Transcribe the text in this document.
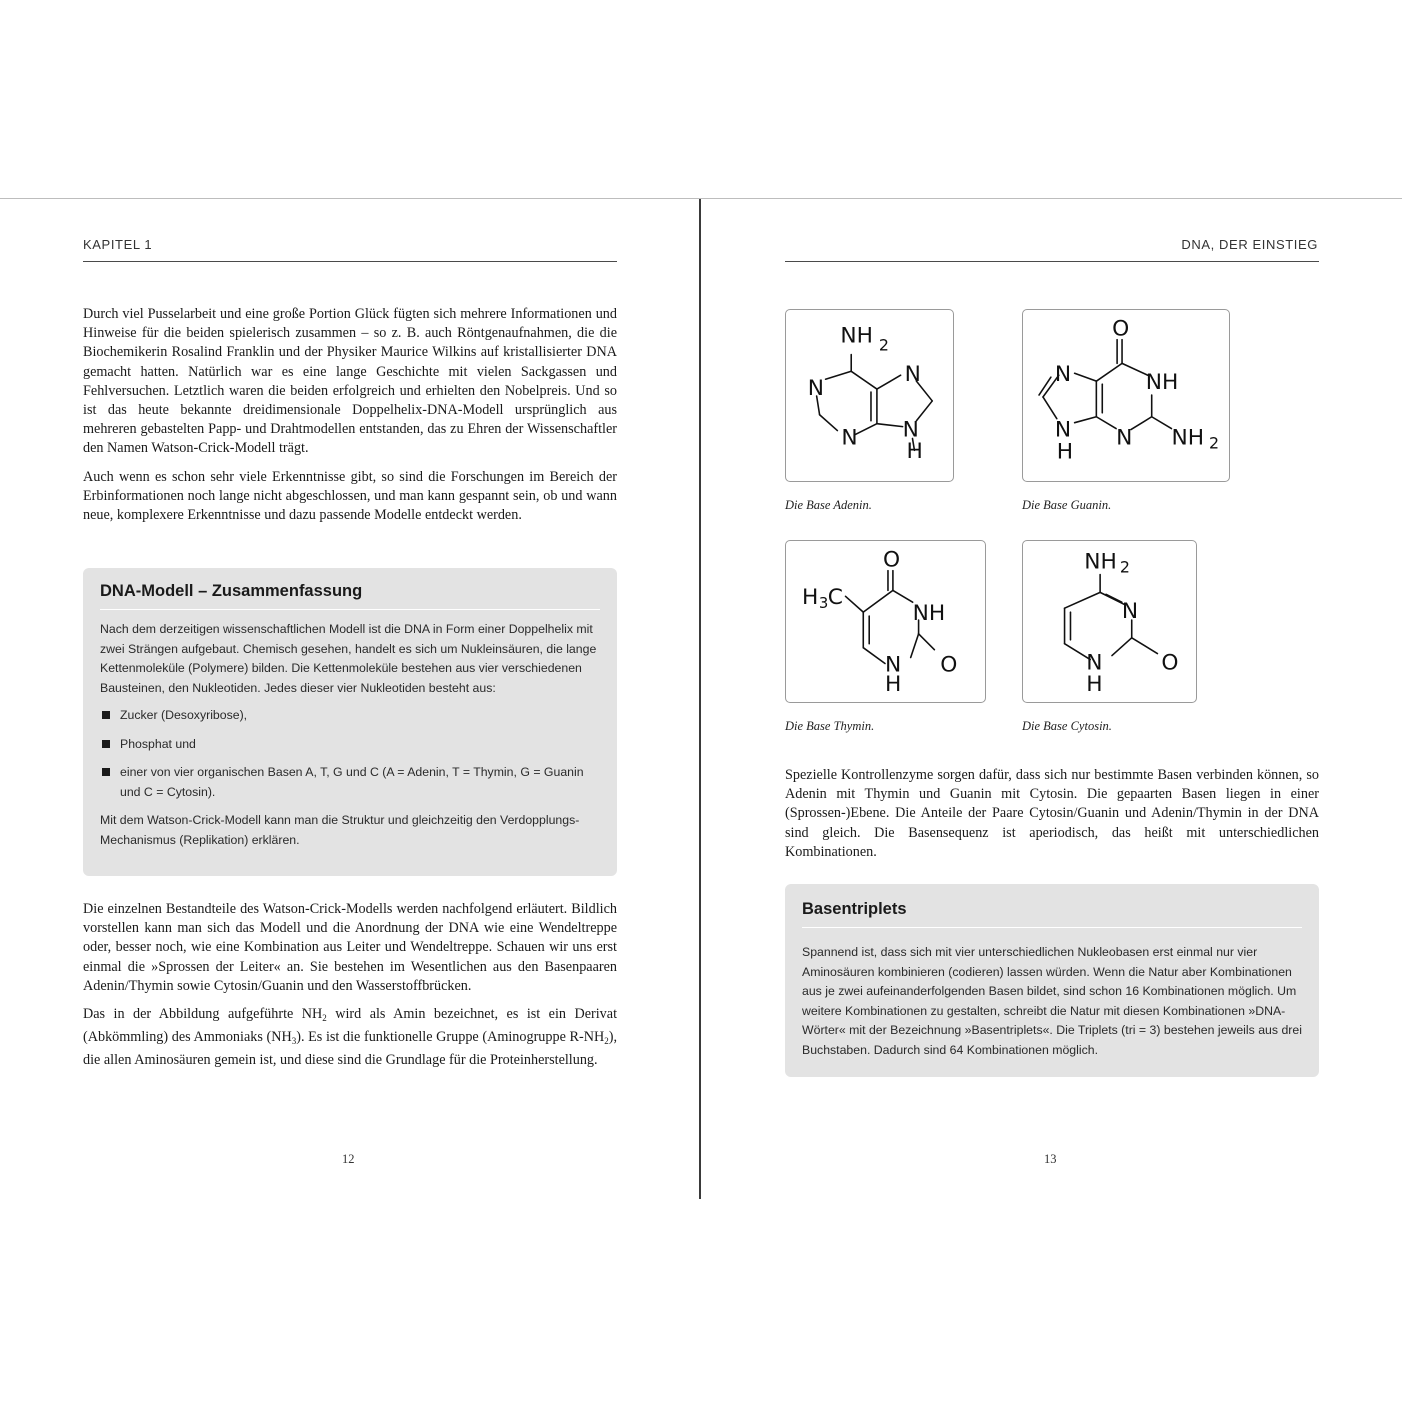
KAPITEL 1

Durch viel Pusselarbeit und eine große Portion Glück fügten sich mehrere Informationen und Hinweise für die beiden spielerisch zusammen – so z. B. auch Röntgenaufnahmen, die die Biochemikerin Rosalind Franklin und der Physiker Maurice Wilkins auf kristallisierter DNA gemacht hatten. Natürlich war es eine lange Geschichte mit vielen Sackgassen und Fehlversuchen. Letztlich waren die beiden erfolgreich und erhielten den Nobelpreis. Und so ist das heute bekannte dreidimensionale Doppelhelix-DNA-Modell ursprünglich aus mehreren gebastelten Papp- und Drahtmodellen entstanden, das zu Ehren der Wissenschaftler den Namen Watson-Crick-Modell trägt.

Auch wenn es schon sehr viele Erkenntnisse gibt, so sind die Forschungen im Bereich der Erbinformationen noch lange nicht abgeschlossen, und man kann gespannt sein, ob und wann neue, komplexere Erkenntnisse und dazu passende Modelle entdeckt werden.

DNA-Modell – Zusammenfassung
Nach dem derzeitigen wissenschaftlichen Modell ist die DNA in Form einer Doppelhelix mit zwei Strängen aufgebaut. Chemisch gesehen, handelt es sich um Nukleinsäuren, die lange Kettenmoleküle (Polymere) bilden. Die Kettenmoleküle bestehen aus vier verschiedenen Bausteinen, den Nukleotiden. Jedes dieser vier Nukleotiden besteht aus:
Zucker (Desoxyribose),
Phosphat und
einer von vier organischen Basen A, T, G und C (A = Adenin, T = Thymin, G = Guanin und C = Cytosin).
Mit dem Watson-Crick-Modell kann man die Struktur und gleichzeitig den Verdopplungs-Mechanismus (Replikation) erklären.

Die einzelnen Bestandteile des Watson-Crick-Modells werden nachfolgend erläutert. Bildlich vorstellen kann man sich das Modell und die Anordnung der DNA wie eine Wendeltreppe oder, besser noch, wie eine Kombination aus Leiter und Wendeltreppe. Schauen wir uns erst einmal die »Sprossen der Leiter« an. Sie bestehen im Wesentlichen aus den Basenpaaren Adenin/Thymin sowie Cytosin/Guanin und den Wasserstoffbrücken.

Das in der Abbildung aufgeführte $NH_2$ wird als Amin bezeichnet, es ist ein Derivat (Abkömmling) des Ammoniaks $(NH_3)$. Es ist die funktionelle Gruppe (Aminogruppe $R-NH_2$), die allen Aminosäuren gemein ist, und diese sind die Grundlage für die Proteinherstellung.

12
DNA, DER EINSTIEG
NH 2
N
N
N
N
H
Die Base Adenin.
O
NH
N
N
N
H
NH 2
Die Base Guanin.
O
H 3 C
NH
O
N
H
Die Base Thymin.
NH 2
N
O
N
H
Die Base Cytosin.

Spezielle Kontrollenzyme sorgen dafür, dass sich nur bestimmte Basen verbinden können, so Adenin mit Thymin und Guanin mit Cytosin. Die gepaarten Basen liegen in einer (Sprossen-)Ebene. Die Anteile der Paare Cytosin/Guanin und Adenin/Thymin in der DNA sind gleich. Die Basensequenz ist aperiodisch, das heißt mit unterschiedlichen Kombinationen.

Basentriplets
Spannend ist, dass sich mit vier unterschiedlichen Nukleobasen erst einmal nur vier Aminosäuren kombinieren (codieren) lassen würden. Wenn die Natur aber Kombinationen aus je zwei aufeinanderfolgenden Basen bildet, sind schon 16 Kombinationen möglich. Um weitere Kombinationen zu gestalten, schreibt die Natur mit diesen Kombinationen »DNA-Wörter« mit der Bezeichnung »Basentriplets«. Die Triplets (tri = 3) bestehen jeweils aus drei Buchstaben. Dadurch sind 64 Kombinationen möglich.
13
